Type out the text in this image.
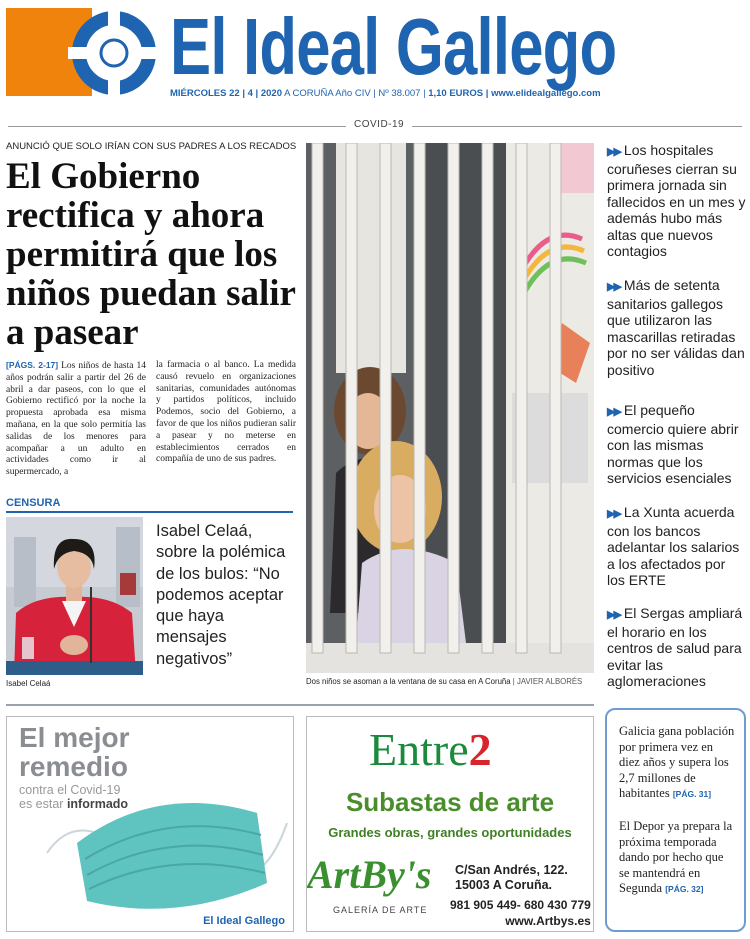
El Ideal Gallego
MIÉRCOLES 22 | 4 | 2020 A CORUÑA Año CIV | Nº 38.007 | 1,10 EUROS | www.elidealgallego.com
COVID-19
ANUNCIÓ QUE SOLO IRÍAN CON SUS PADRES A LOS RECADOS
El Gobierno rectifica y ahora permitirá que los niños puedan salir a pasear
[PÁGS. 2-17] Los niños de hasta 14 años podrán salir a partir del 26 de abril a dar paseos, con lo que el Gobierno rectificó por la noche la propuesta aprobada esa misma mañana, en la que solo permitía las salidas de los menores para acompañar a un adulto en actividades como ir al supermercado, a
la farmacia o al banco. La medida causó revuelo en organizaciones sanitarias, comunidades autónomas y partidos políticos, incluido Podemos, socio del Gobierno, a favor de que los niños pudieran salir a pasear y no meterse en establecimientos cerrados en compañía de uno de sus padres.
CENSURA
Isabel Celaá
Isabel Celaá, sobre la polémica de los bulos: “No podemos aceptar que haya mensajes negativos”
Dos niños se asoman a la ventana de su casa en A Coruña | JAVIER ALBORÉS
▶▶ Los hospitales coruñeses cierran su primera jornada sin fallecidos en un mes y además hubo más altas que nuevos contagios
▶▶ Más de setenta sanitarios gallegos que utilizaron las mascarillas retiradas por no ser válidas dan positivo
▶▶ El pequeño comercio quiere abrir con las mismas normas que los servicios esenciales
▶▶ La Xunta acuerda con los bancos adelantar los salarios a los afectados por los ERTE
▶▶ El Sergas ampliará el horario en los centros de salud para evitar las aglomeraciones
El mejor
remedio
contra el Covid-19
es estar informado
El Ideal Gallego
Entre2
Subastas de arte
Grandes obras, grandes oportunidades
ArtBy's
GALERÍA DE ARTE
C/San Andrés, 122.
15003 A Coruña.
981 905 449- 680 430 779
www.Artbys.es

Galicia gana población por primera vez en diez años y supera los 2,7 millones de habitantes [PÁG. 31]

El Depor ya prepara la próxima temporada dando por hecho que se mantendrá en Segunda [PÁG. 32]
